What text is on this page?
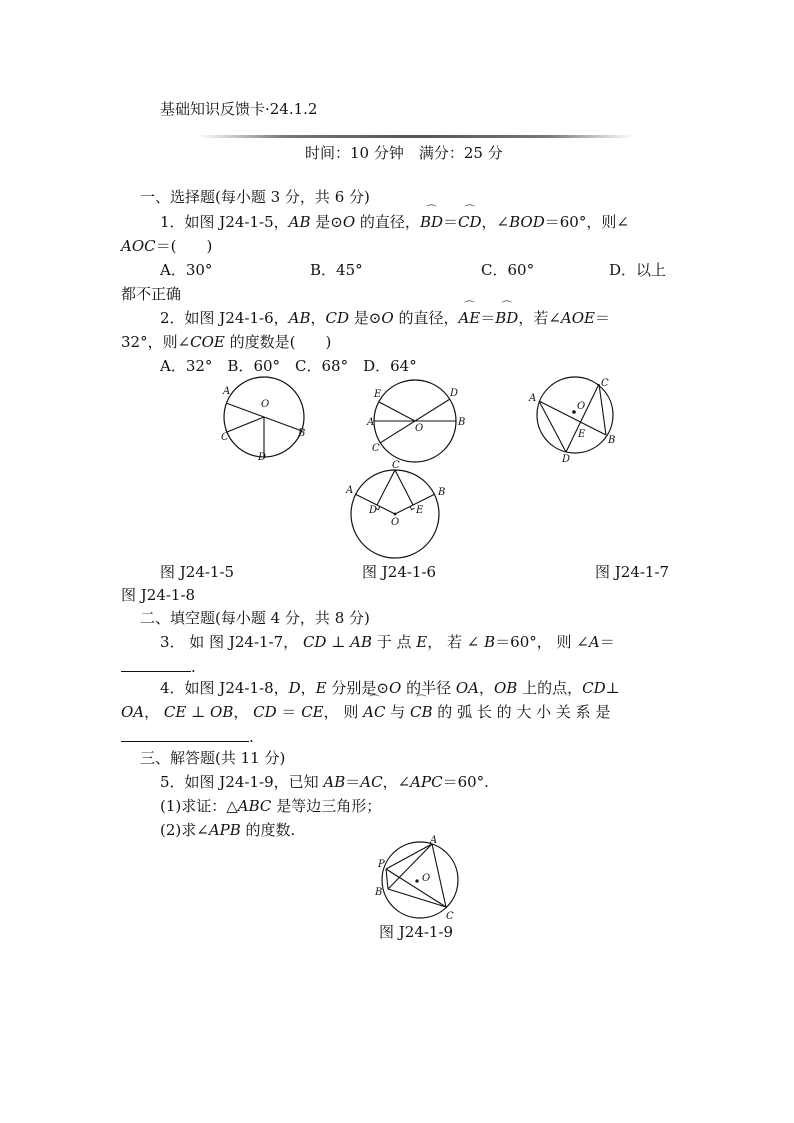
基础知识反馈卡·24.1.2
时间：10 分钟　满分：25 分
一、选择题(每小题 3 分，共 6 分)
1．如图 J24-1-5，AB 是⊙O 的直径，⌒ BD＝⌒ CD，∠BOD＝60°，则∠
AOC＝(　　)
A．30°	B．45°	C．60°	D．以上
都不正确
2．如图 J24-1-6，AB，CD 是⊙O 的直径，⌒ AE＝⌒ BD，若∠AOE＝
32°，则∠COE 的度数是(　　)
A．32°　B．60°　C．68°　D．64°
A
O
C	B
D
E	D
A
O
B
C
A
C
O
E
B
D
A
C
B
D	E
O
图 J24-1-5	图 J24-1-6	图 J24-1-7
图 J24-1-8
二、填空题(每小题 4 分，共 8 分)
3． 如 图 J24-1-7， CD ⊥ AB 于 点 E， 若 ∠ B＝60°， 则 ∠A＝
.
4．如图 J24-1-8，D，E 分别是⊙O 的半径 OA，OB 上的点，CD⊥
OA， CE ⊥ OB， CD ＝ CE， 则 ⌒ AC 与 ⌒ CB 的 弧 长 的 大 小 关 系 是
.
三、解答题(共 11 分)
5．如图 J24-1-9，已知 AB＝AC，∠APC＝60°.
(1)求证：△ABC 是等边三角形；
(2)求∠APB 的度数.
A
P
O
B
C
图 J24-1-9
